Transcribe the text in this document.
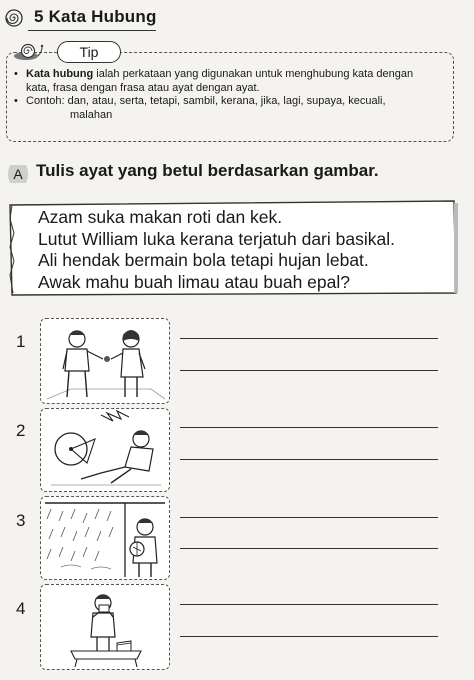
5 Kata Hubung
Tip
• Kata hubung ialah perkataan yang digunakan untuk menghubung kata dengan
kata, frasa dengan frasa atau ayat dengan ayat.
• Contoh: dan, atau, serta, tetapi, sambil, kerana, jika, lagi, supaya, kecuali,
malahan
A Tulis ayat yang betul berdasarkan gambar.
Azam suka makan roti dan kek.
Lutut William luka kerana terjatuh dari basikal.
Ali hendak bermain bola tetapi hujan lebat.
Awak mahu buah limau atau buah epal?
1
2
3
4
